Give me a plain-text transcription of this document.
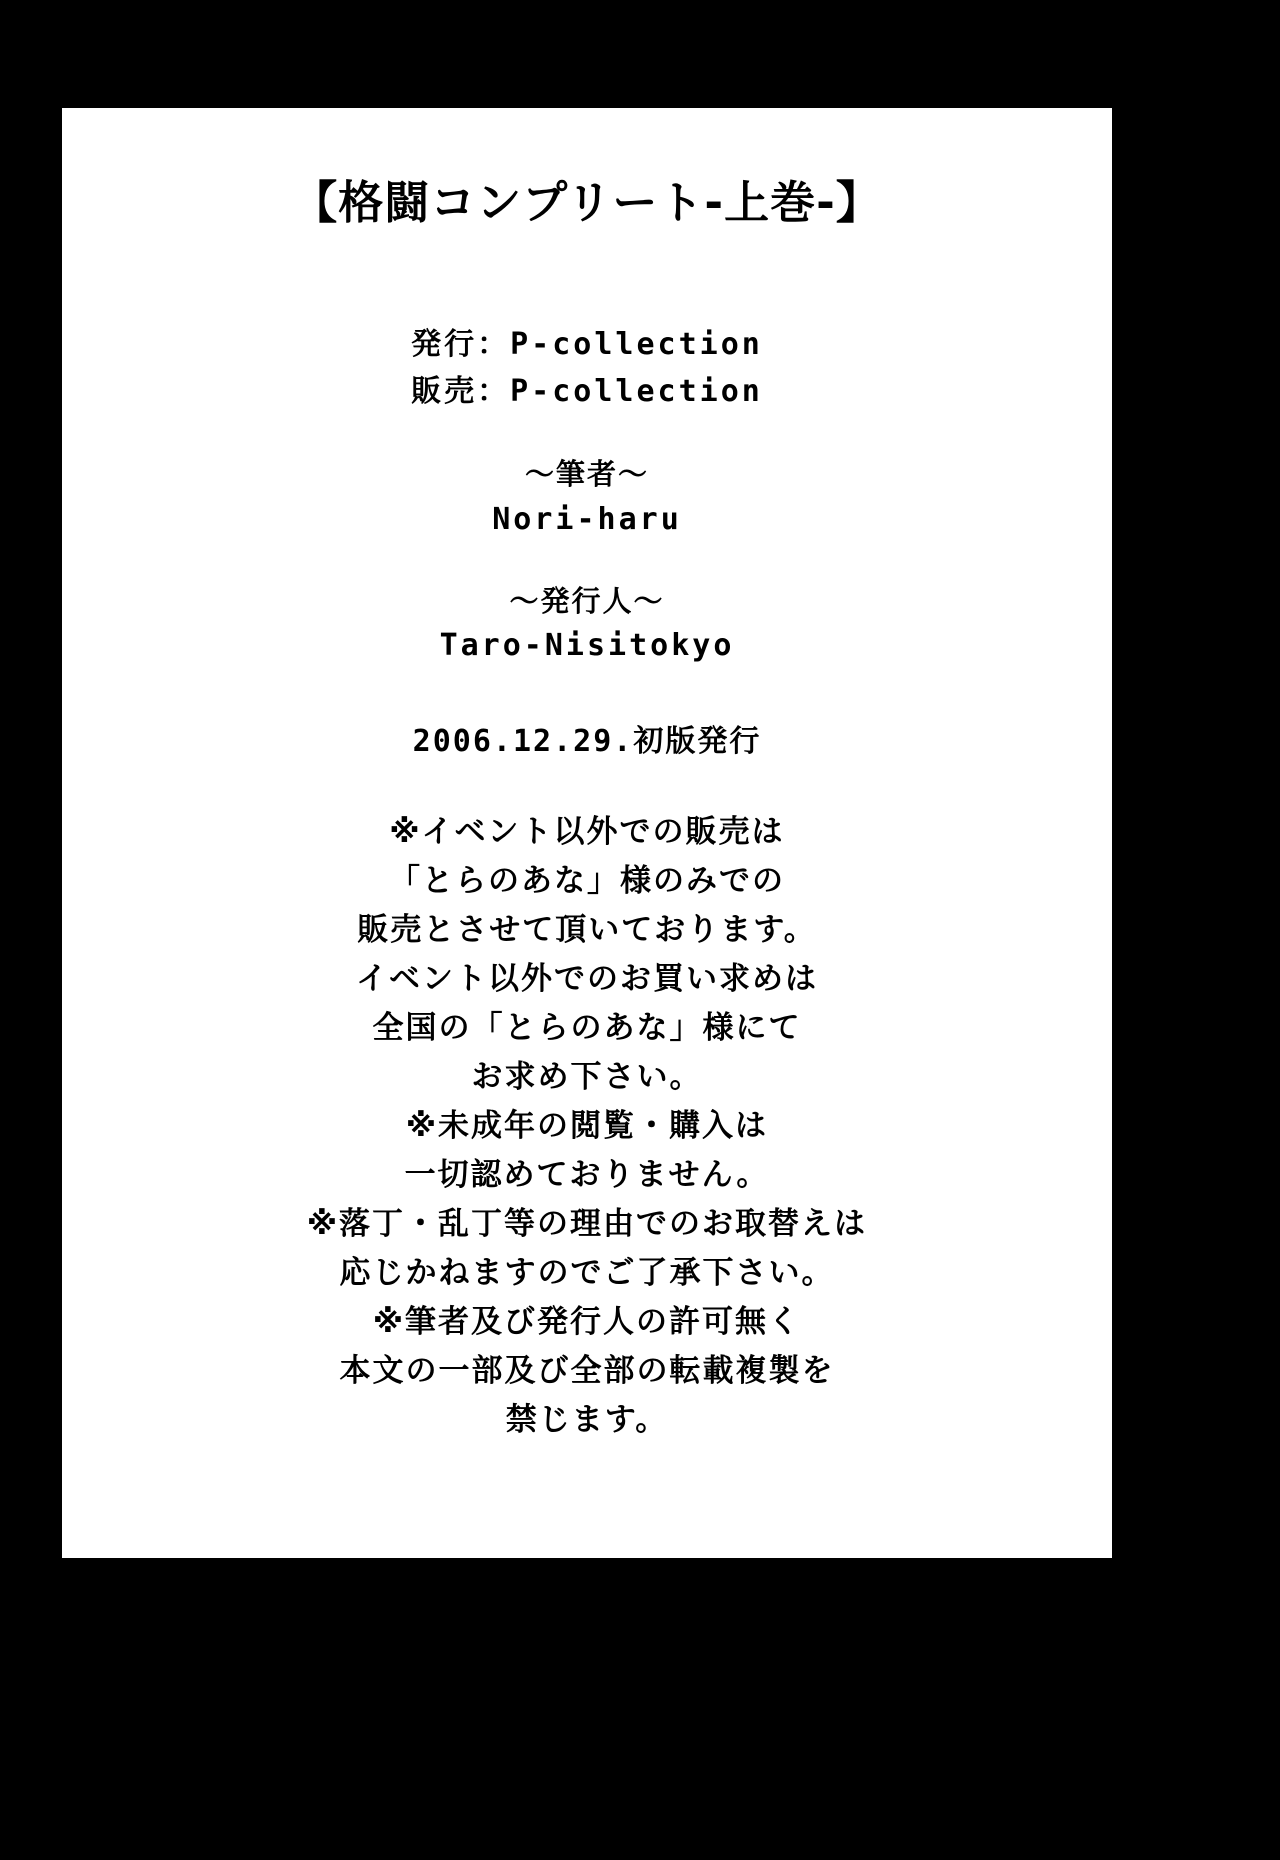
【格闘コンプリート-上巻-】
発行：P-collection
販売：P-collection
〜筆者〜
Nori-haru
〜発行人〜
Taro-Nisitokyo
2006.12.29.初版発行
※イベント以外での販売は
「とらのあな」様のみでの
販売とさせて頂いております。
イベント以外でのお買い求めは
全国の「とらのあな」様にて
お求め下さい。
※未成年の閲覧・購入は
一切認めておりません。
※落丁・乱丁等の理由でのお取替えは
応じかねますのでご了承下さい。
※筆者及び発行人の許可無く
本文の一部及び全部の転載複製を
禁じます。
